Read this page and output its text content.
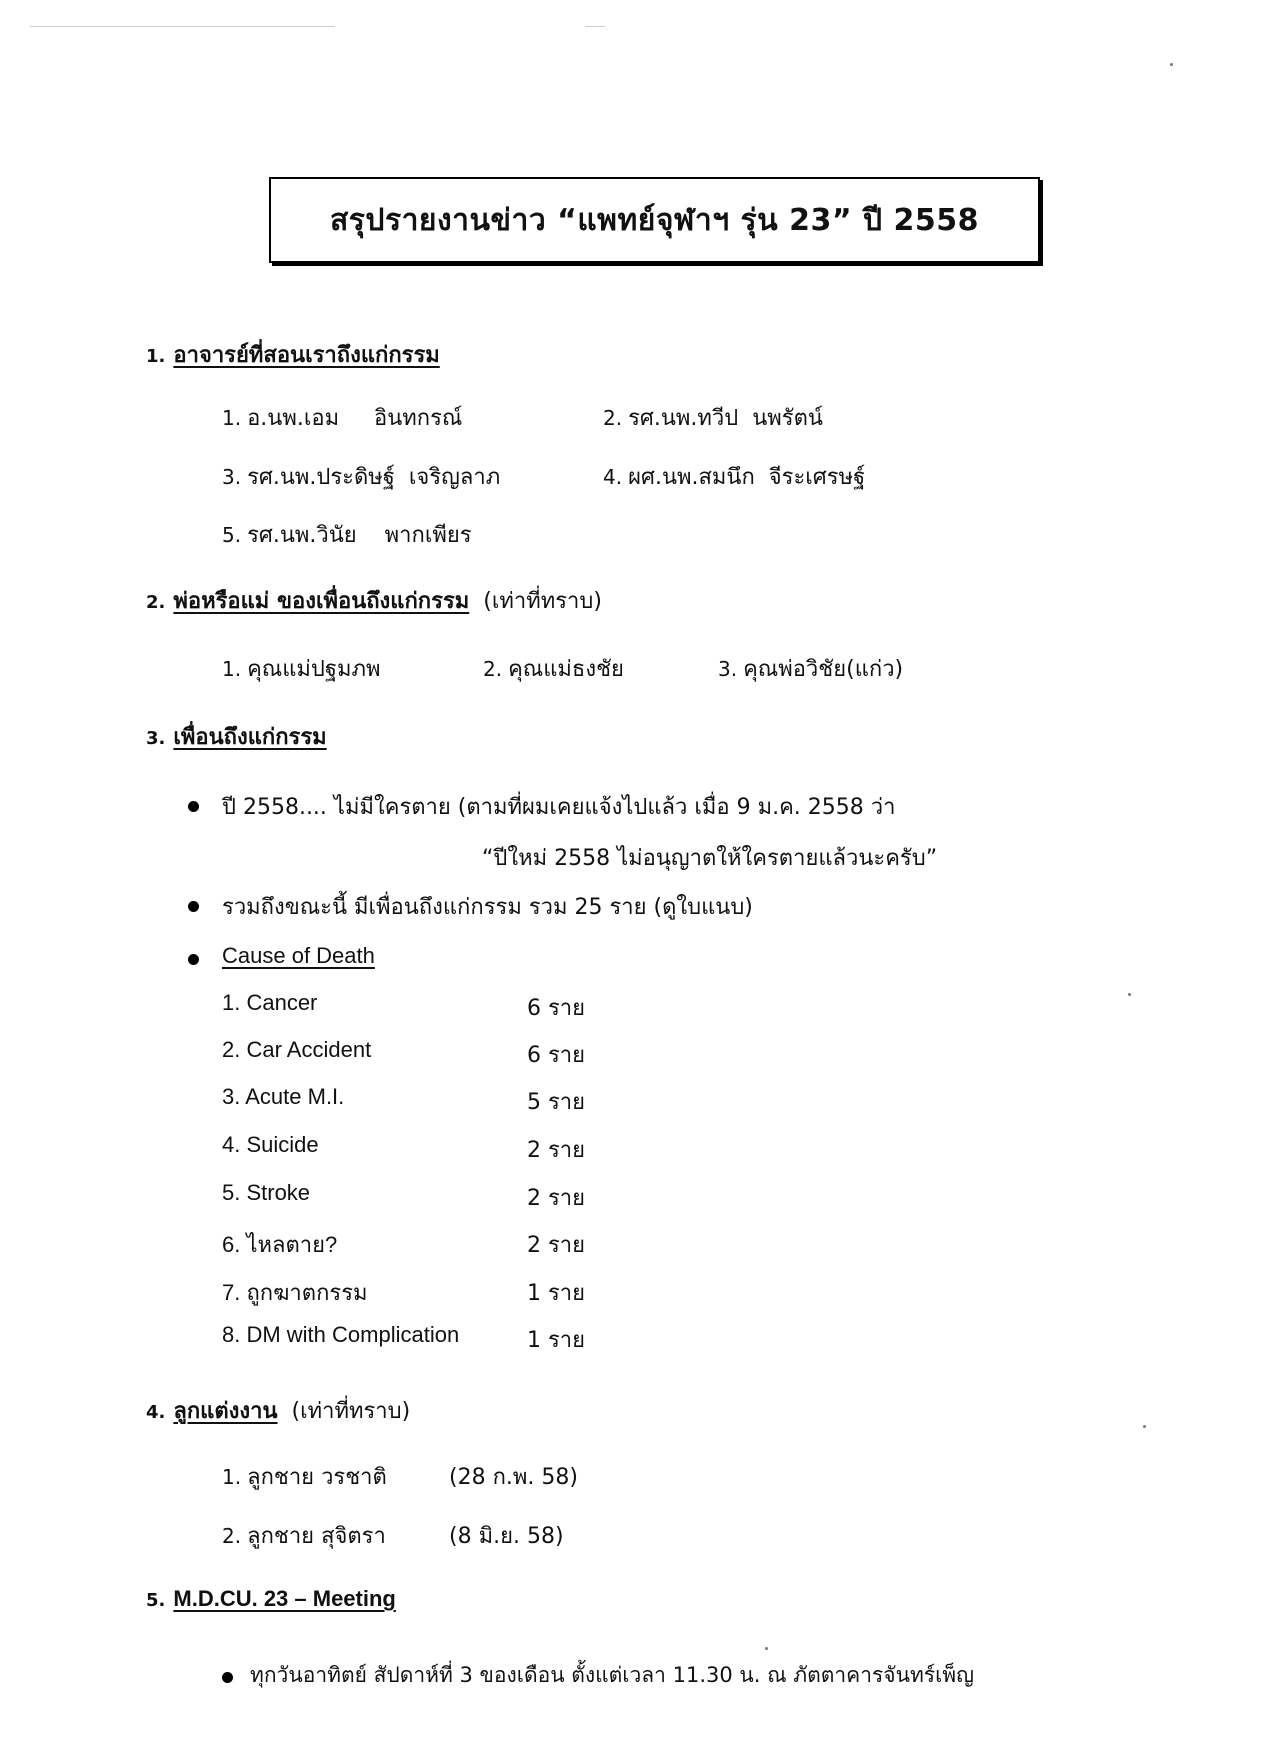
สรุปรายงานข่าว “แพทย์จุฬาฯ รุ่น 23” ปี 2558
1. อาจารย์ที่สอนเราถึงแก่กรรม
1. อ.นพ.เอม     อินทกรณ์	2. รศ.นพ.ทวีป  นพรัตน์
3. รศ.นพ.ประดิษฐ์  เจริญลาภ	4. ผศ.นพ.สมนึก  จีระเศรษฐ์
5. รศ.นพ.วินัย    พากเพียร
2. พ่อหรือแม่ ของเพื่อนถึงแก่กรรม (เท่าที่ทราบ)
1. คุณแม่ปฐมภพ	2. คุณแม่ธงชัย	3. คุณพ่อวิชัย(แก่ว)
3. เพื่อนถึงแก่กรรม
ปี 2558.... ไม่มีใครตาย (ตามที่ผมเคยแจ้งไปแล้ว เมื่อ 9 ม.ค. 2558 ว่า
“ปีใหม่ 2558 ไม่อนุญาตให้ใครตายแล้วนะครับ”
รวมถึงขณะนี้ มีเพื่อนถึงแก่กรรม รวม 25 ราย (ดูใบแนบ)
Cause of Death
1. Cancer	6 ราย
2. Car Accident	6 ราย
3. Acute M.I.	5 ราย
4. Suicide	2 ราย
5. Stroke	2 ราย
6. ไหลตาย?	2 ราย
7. ถูกฆาตกรรม	1 ราย
8. DM with Complication	1 ราย
4. ลูกแต่งงาน (เท่าที่ทราบ)
1. ลูกชาย วรชาติ	(28 ก.พ. 58)
2. ลูกชาย สุจิตรา	(8 มิ.ย. 58)
5. M.D.CU. 23 – Meeting
ทุกวันอาทิตย์ สัปดาห์ที่ 3 ของเดือน ตั้งแต่เวลา 11.30 น. ณ ภัตตาคารจันทร์เพ็ญ
